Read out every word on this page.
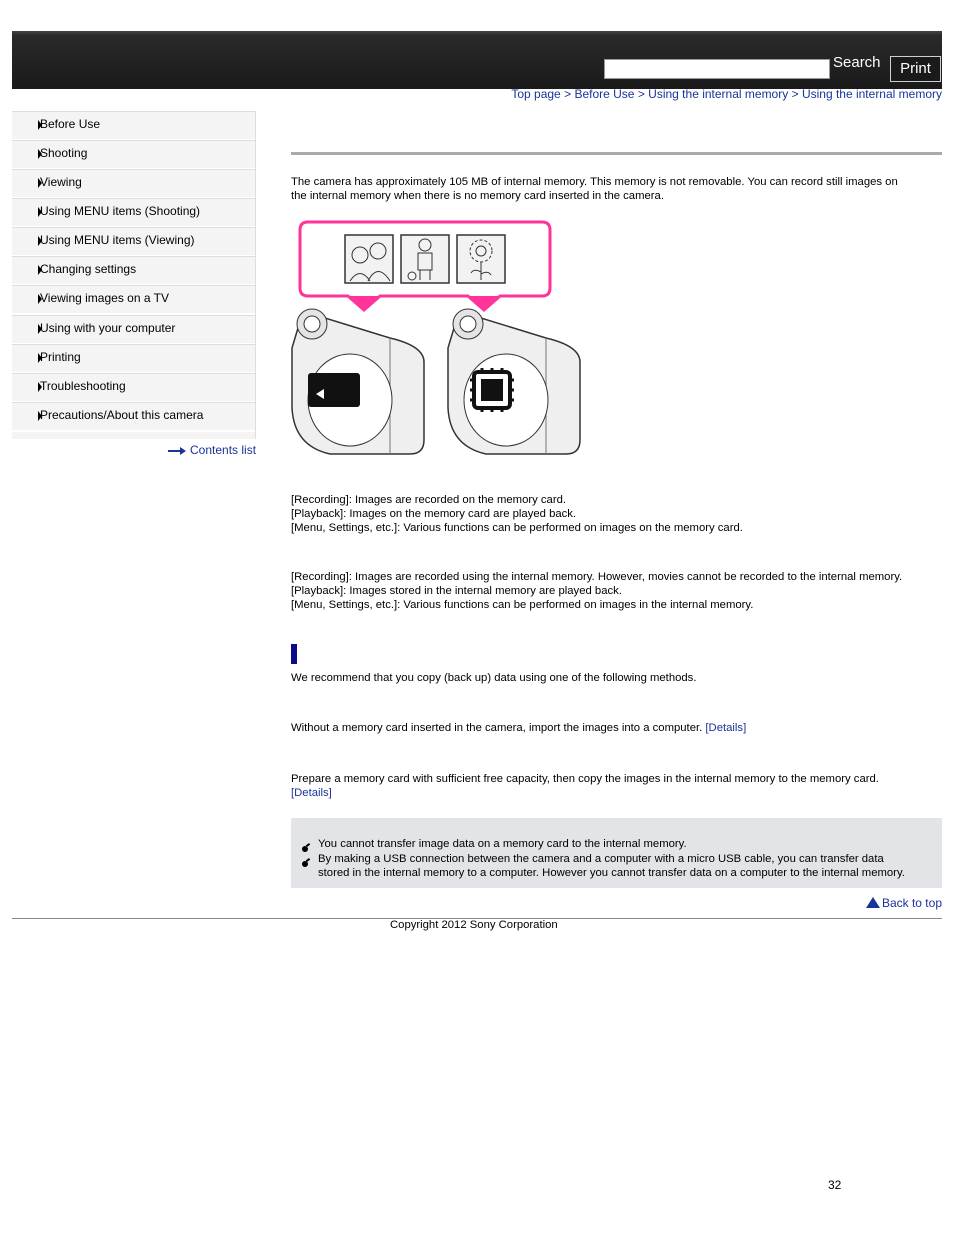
Search	Print
Top page > Before Use > Using the internal memory > Using the internal memory
Before Use
Shooting
Viewing
Using MENU items (Shooting)
Using MENU items (Viewing)
Changing settings
Viewing images on a TV
Using with your computer
Printing
Troubleshooting
Precautions/About this camera
Contents list
The camera has approximately 105 MB of internal memory. This memory is not removable. You can record still images on
the internal memory when there is no memory card inserted in the camera.
[Recording]: Images are recorded on the memory card.
[Playback]: Images on the memory card are played back.
[Menu, Settings, etc.]: Various functions can be performed on images on the memory card.
[Recording]: Images are recorded using the internal memory. However, movies cannot be recorded to the internal memory.
[Playback]: Images stored in the internal memory are played back.
[Menu, Settings, etc.]: Various functions can be performed on images in the internal memory.
We recommend that you copy (back up) data using one of the following methods.
Without a memory card inserted in the camera, import the images into a computer. [Details]
Prepare a memory card with sufficient free capacity, then copy the images in the internal memory to the memory card.
[Details]
You cannot transfer image data on a memory card to the internal memory.
By making a USB connection between the camera and a computer with a micro USB cable, you can transfer data
stored in the internal memory to a computer. However you cannot transfer data on a computer to the internal memory.
Back to top
Copyright 2012 Sony Corporation
32
